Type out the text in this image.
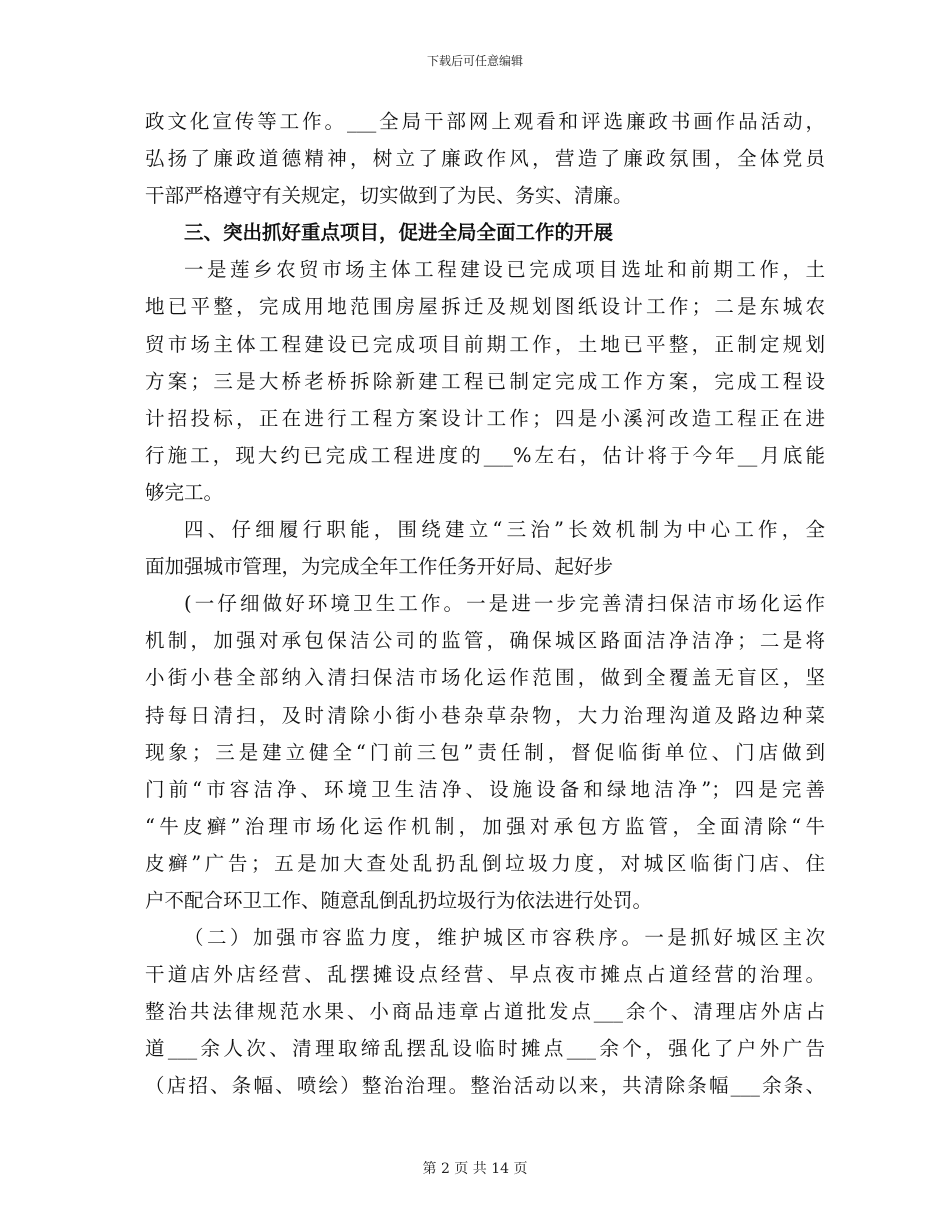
下载后可任意编辑
政文化宣传等工作。___全局干部网上观看和评选廉政书画作品活动，
弘扬了廉政道德精神，树立了廉政作风，营造了廉政氛围，全体党员
干部严格遵守有关规定，切实做到了为民、务实、清廉。
三、突出抓好重点项目，促进全局全面工作的开展
一是莲乡农贸市场主体工程建设已完成项目选址和前期工作，土
地已平整，完成用地范围房屋拆迁及规划图纸设计工作；二是东城农
贸市场主体工程建设已完成项目前期工作，土地已平整，正制定规划
方案；三是大桥老桥拆除新建工程已制定完成工作方案，完成工程设
计招投标，正在进行工程方案设计工作；四是小溪河改造工程正在进
行施工，现大约已完成工程进度的___%左右，估计将于今年__月底能
够完工。
四、仔细履行职能，围绕建立“三治”长效机制为中心工作，全
面加强城市管理，为完成全年工作任务开好局、起好步
(一仔细做好环境卫生工作。一是进一步完善清扫保洁市场化运作
机制，加强对承包保洁公司的监管，确保城区路面洁净洁净；二是将
小街小巷全部纳入清扫保洁市场化运作范围，做到全覆盖无盲区，坚
持每日清扫，及时清除小街小巷杂草杂物，大力治理沟道及路边种菜
现象；三是建立健全“门前三包”责任制，督促临街单位、门店做到
门前“市容洁净、环境卫生洁净、设施设备和绿地洁净”；四是完善
“牛皮癣”治理市场化运作机制，加强对承包方监管，全面清除“牛
皮癣”广告；五是加大查处乱扔乱倒垃圾力度，对城区临街门店、住
户不配合环卫工作、随意乱倒乱扔垃圾行为依法进行处罚。
（二）加强市容监力度，维护城区市容秩序。一是抓好城区主次
干道店外店经营、乱摆摊设点经营、早点夜市摊点占道经营的治理。
整治共法律规范水果、小商品违章占道批发点___余个、清理店外店占
道___余人次、清理取缔乱摆乱设临时摊点___余个，强化了户外广告
（店招、条幅、喷绘）整治治理。整治活动以来，共清除条幅___余条、
第 2 页 共 14 页
